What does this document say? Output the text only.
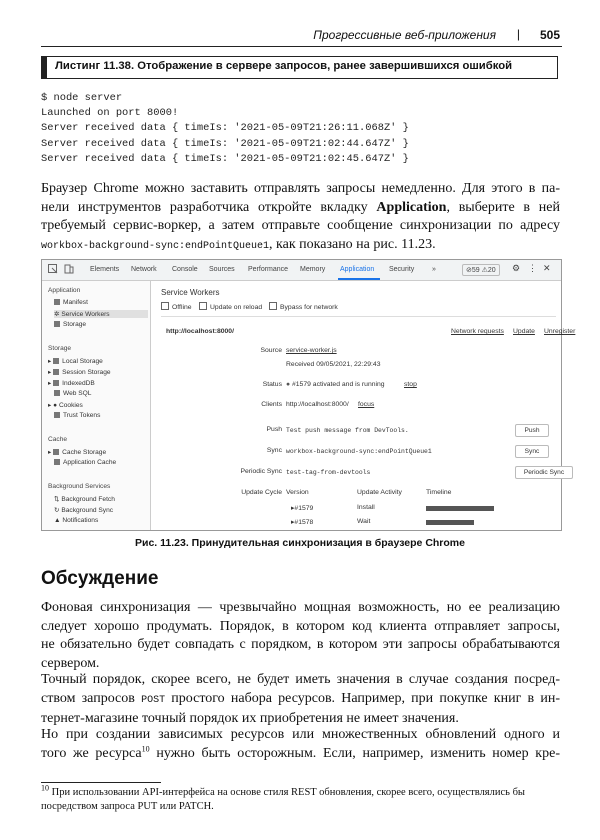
Прогрессивные веб-приложения | 505
Листинг 11.38. Отображение в сервере запросов, ранее завершившихся ошибкой
$ node server
Launched on port 8000!
Server received data { timeIs: '2021-05-09T21:26:11.068Z' }
Server received data { timeIs: '2021-05-09T21:02:44.647Z' }
Server received data { timeIs: '2021-05-09T21:02:45.647Z' }
Браузер Chrome можно заставить отправлять запросы немедленно. Для этого в па-
нели инструментов разработчика откройте вкладку Application, выберите в ней
требуемый сервис-воркер, а затем отправьте сообщение синхронизации по адресу
workbox-background-sync:endPointQueue1, как показано на рис. 11.23.
Elements Network Console Sources Performance Memory Application Security	»	⊘59 ⚠20	⚙ ⋮ ✕
Application
Manifest
✲ Service Workers
Storage
Storage
▸ Local Storage
▸ Session Storage
▸ IndexedDB
Web SQL
▸ ● Cookies
Trust Tokens
Cache
▸ Cache Storage
Application Cache
Background Services
⇅ Background Fetch
↻ Background Sync
▲ Notifications
Service Workers
Offline	Update on reload	Bypass for network
http://localhost:8000/	Network requests Update Unregister
Source service-worker.js
Received 09/05/2021, 22:29:43
Status ● #1579 activated and is running	stop
Clients http://localhost:8000/ focus
Push Test push message from DevTools.	Push
Sync workbox-background-sync:endPointQueue1	Sync
Periodic Sync test-tag-from-devtools	Periodic Sync
Update Cycle Version	Update Activity	Timeline
▸#1579	Install
▸#1578	Wait
Рис. 11.23. Принудительная синхронизация в браузере Chrome
Обсуждение
Фоновая синхронизация — чрезвычайно мощная возможность, но ее реализацию
следует хорошо продумать. Порядок, в котором код клиента отправляет запросы,
не обязательно будет совпадать с порядком, в котором эти запросы обрабатываются
сервером.
Точный порядок, скорее всего, не будет иметь значения в случае создания посред-
ством запросов POST простого набора ресурсов. Например, при покупке книг в ин-
тернет-магазине точный порядок их приобретения не имеет значения.
Но при создании зависимых ресурсов или множественных обновлений одного и
того же ресурса$^{10}$ нужно быть осторожным. Если, например, изменить номер кре-
$^{10}$ При использовании API-интерфейса на основе стиля REST обновления, скорее всего, осуществлялись бы
посредством запроса PUT или PATCH.
